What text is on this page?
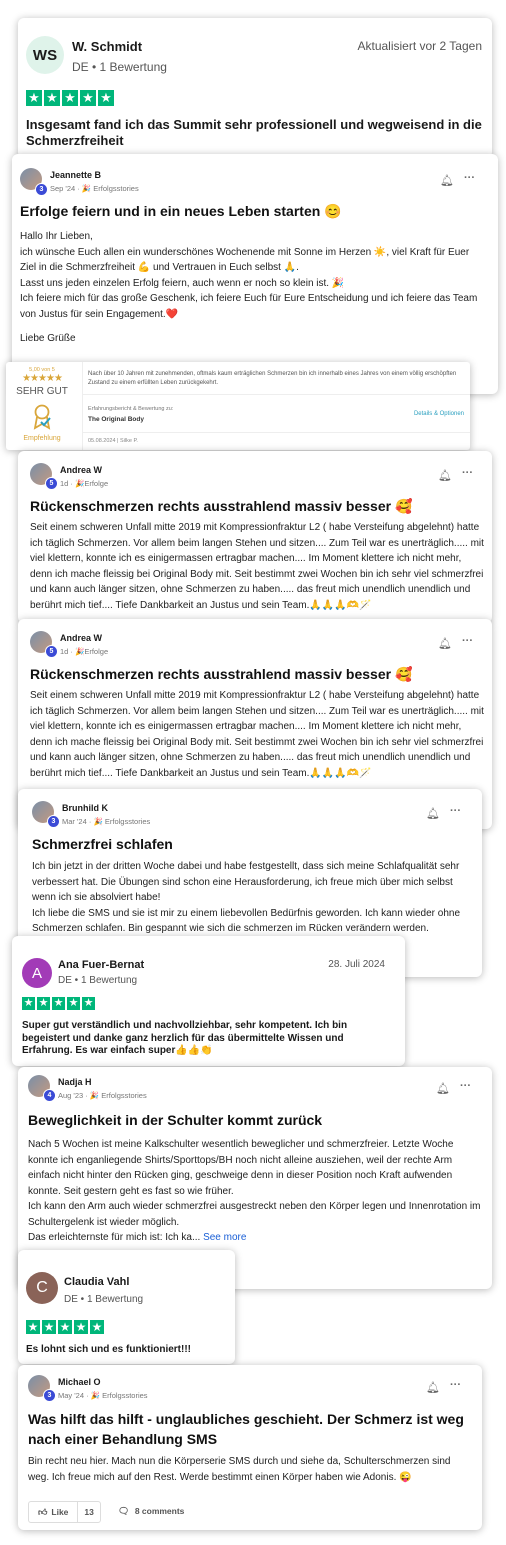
WS	W. Schmidt
DE • 1 Bewertung
Aktualisiert vor 2 Tagen
★ ★ ★ ★ ★
Insgesamt fand ich das Summit sehr professionell und wegweisend in die Schmerzfreiheit
3
Jeannette B
Sep '24 · 🎉 Erfolgsstories
🔔︎ ···
Erfolge feiern und in ein neues Leben starten 😊

Hallo Ihr Lieben,

ich wünsche Euch allen ein wunderschönes Wochenende mit Sonne im Herzen ☀️, viel Kraft für Euer Ziel in die Schmerzfreiheit 💪 und Vertrauen in Euch selbst 🙏.

Lasst uns jeden einzelen Erfolg feiern, auch wenn er noch so klein ist. 🎉

Ich feiere mich für das große Geschenk, ich feiere Euch für Eure Entscheidung und ich feiere das Team von Justus für sein Engagement.❤️

Liebe Grüße

5,00 von 5
★★★★★
SEHR GUT
Empfehlung
Nach über 10 Jahren mit zunehmenden, oftmals kaum erträglichen Schmerzen bin ich innerhalb eines Jahres von einem völlig erschöpften Zustand zu einem erfüllten Leben zurückgekehrt.
Erfahrungsbericht & Bewertung zu:
The Original Body
Details & Optionen
05.08.2024 | Silke P.
5
Andrea W
1d · 🎉Erfolge
🔔︎ ···
Rückenschmerzen rechts ausstrahlend massiv besser 🥰
Seit einem schweren Unfall mitte 2019 mit Kompressionfraktur L2 ( habe Versteifung abgelehnt) hatte ich täglich Schmerzen. Vor allem beim langen Stehen und sitzen.... Zum Teil war es unerträglich..... mit viel klettern, konnte ich es einigermassen ertragbar machen.... Im Moment klettere ich nicht mehr, denn ich mache fleissig bei Original Body mit. Seit bestimmt zwei Wochen bin ich sehr viel schmerzfrei und kann auch länger sitzen, ohne Schmerzen zu haben..... das freut mich unendlich unendlich und berührt mich tief.... Tiefe Dankbarkeit an Justus und sein Team.🙏🙏🙏🫶🪄
5
Andrea W
1d · 🎉Erfolge
🔔︎ ···
Rückenschmerzen rechts ausstrahlend massiv besser 🥰
Seit einem schweren Unfall mitte 2019 mit Kompressionfraktur L2 ( habe Versteifung abgelehnt) hatte ich täglich Schmerzen. Vor allem beim langen Stehen und sitzen.... Zum Teil war es unerträglich..... mit viel klettern, konnte ich es einigermassen ertragbar machen.... Im Moment klettere ich nicht mehr, denn ich mache fleissig bei Original Body mit. Seit bestimmt zwei Wochen bin ich sehr viel schmerzfrei und kann auch länger sitzen, ohne Schmerzen zu haben..... das freut mich unendlich unendlich und berührt mich tief.... Tiefe Dankbarkeit an Justus und sein Team.🙏🙏🙏🫶🪄
3
Brunhild K
Mar '24 · 🎉 Erfolgsstories
🔔︎ ···
Schmerzfrei schlafen

Ich bin jetzt in der dritten Woche dabei und habe festgestellt, dass sich meine Schlafqualität sehr verbessert hat. Die Übungen sind schon eine Herausforderung, ich freue mich über mich selbst wenn ich sie absolviert habe!

Ich liebe die SMS und sie ist mir zu einem liebevollen Bedürfnis geworden. Ich kann wieder ohne Schmerzen schlafen. Bin gespannt wie sich die schmerzen im Rücken verändern werden.

A	Ana Fuer-Bernat
DE • 1 Bewertung
28. Juli 2024
★ ★ ★ ★ ★
Super gut verständlich und nachvollziehbar, sehr kompetent. Ich bin begeistert und danke ganz herzlich für das übermittelte Wissen und Erfahrung. Es war einfach super👍👍👏
4
Nadja H
Aug '23 · 🎉 Erfolgsstories
🔔︎ ···
Beweglichkeit in der Schulter kommt zurück

Nach 5 Wochen ist meine Kalkschulter wesentlich beweglicher und schmerzfreier. Letzte Woche konnte ich enganliegende Shirts/Sporttops/BH noch nicht alleine ausziehen, weil der rechte Arm einfach nicht hinter den Rücken ging, geschweige denn in dieser Position noch Kraft aufwenden konnte. Seit gestern geht es fast so wie früher.

Ich kann den Arm auch wieder schmerzfrei ausgestreckt neben den Körper legen und Innenrotation im Schultergelenk ist wieder möglich.

Das erleichternste für mich ist: Ich ka... See more

C	Claudia Vahl
DE • 1 Bewertung
★ ★ ★ ★ ★
Es lohnt sich und es funktioniert!!!
3
Michael O
May '24 · 🎉 Erfolgsstories
🔔︎ ···
Was hilft das hilft - unglaubliches geschieht. Der Schmerz ist weg nach einer Behandlung SMS
Bin recht neu hier. Mach nun die Körperserie SMS durch und siehe da, Schulterschmerzen sind weg. Ich freue mich auf den Rest. Werde bestimmt einen Körper haben wie Adonis. 😜
👍︎ Like 13	🗨︎ 8 comments
